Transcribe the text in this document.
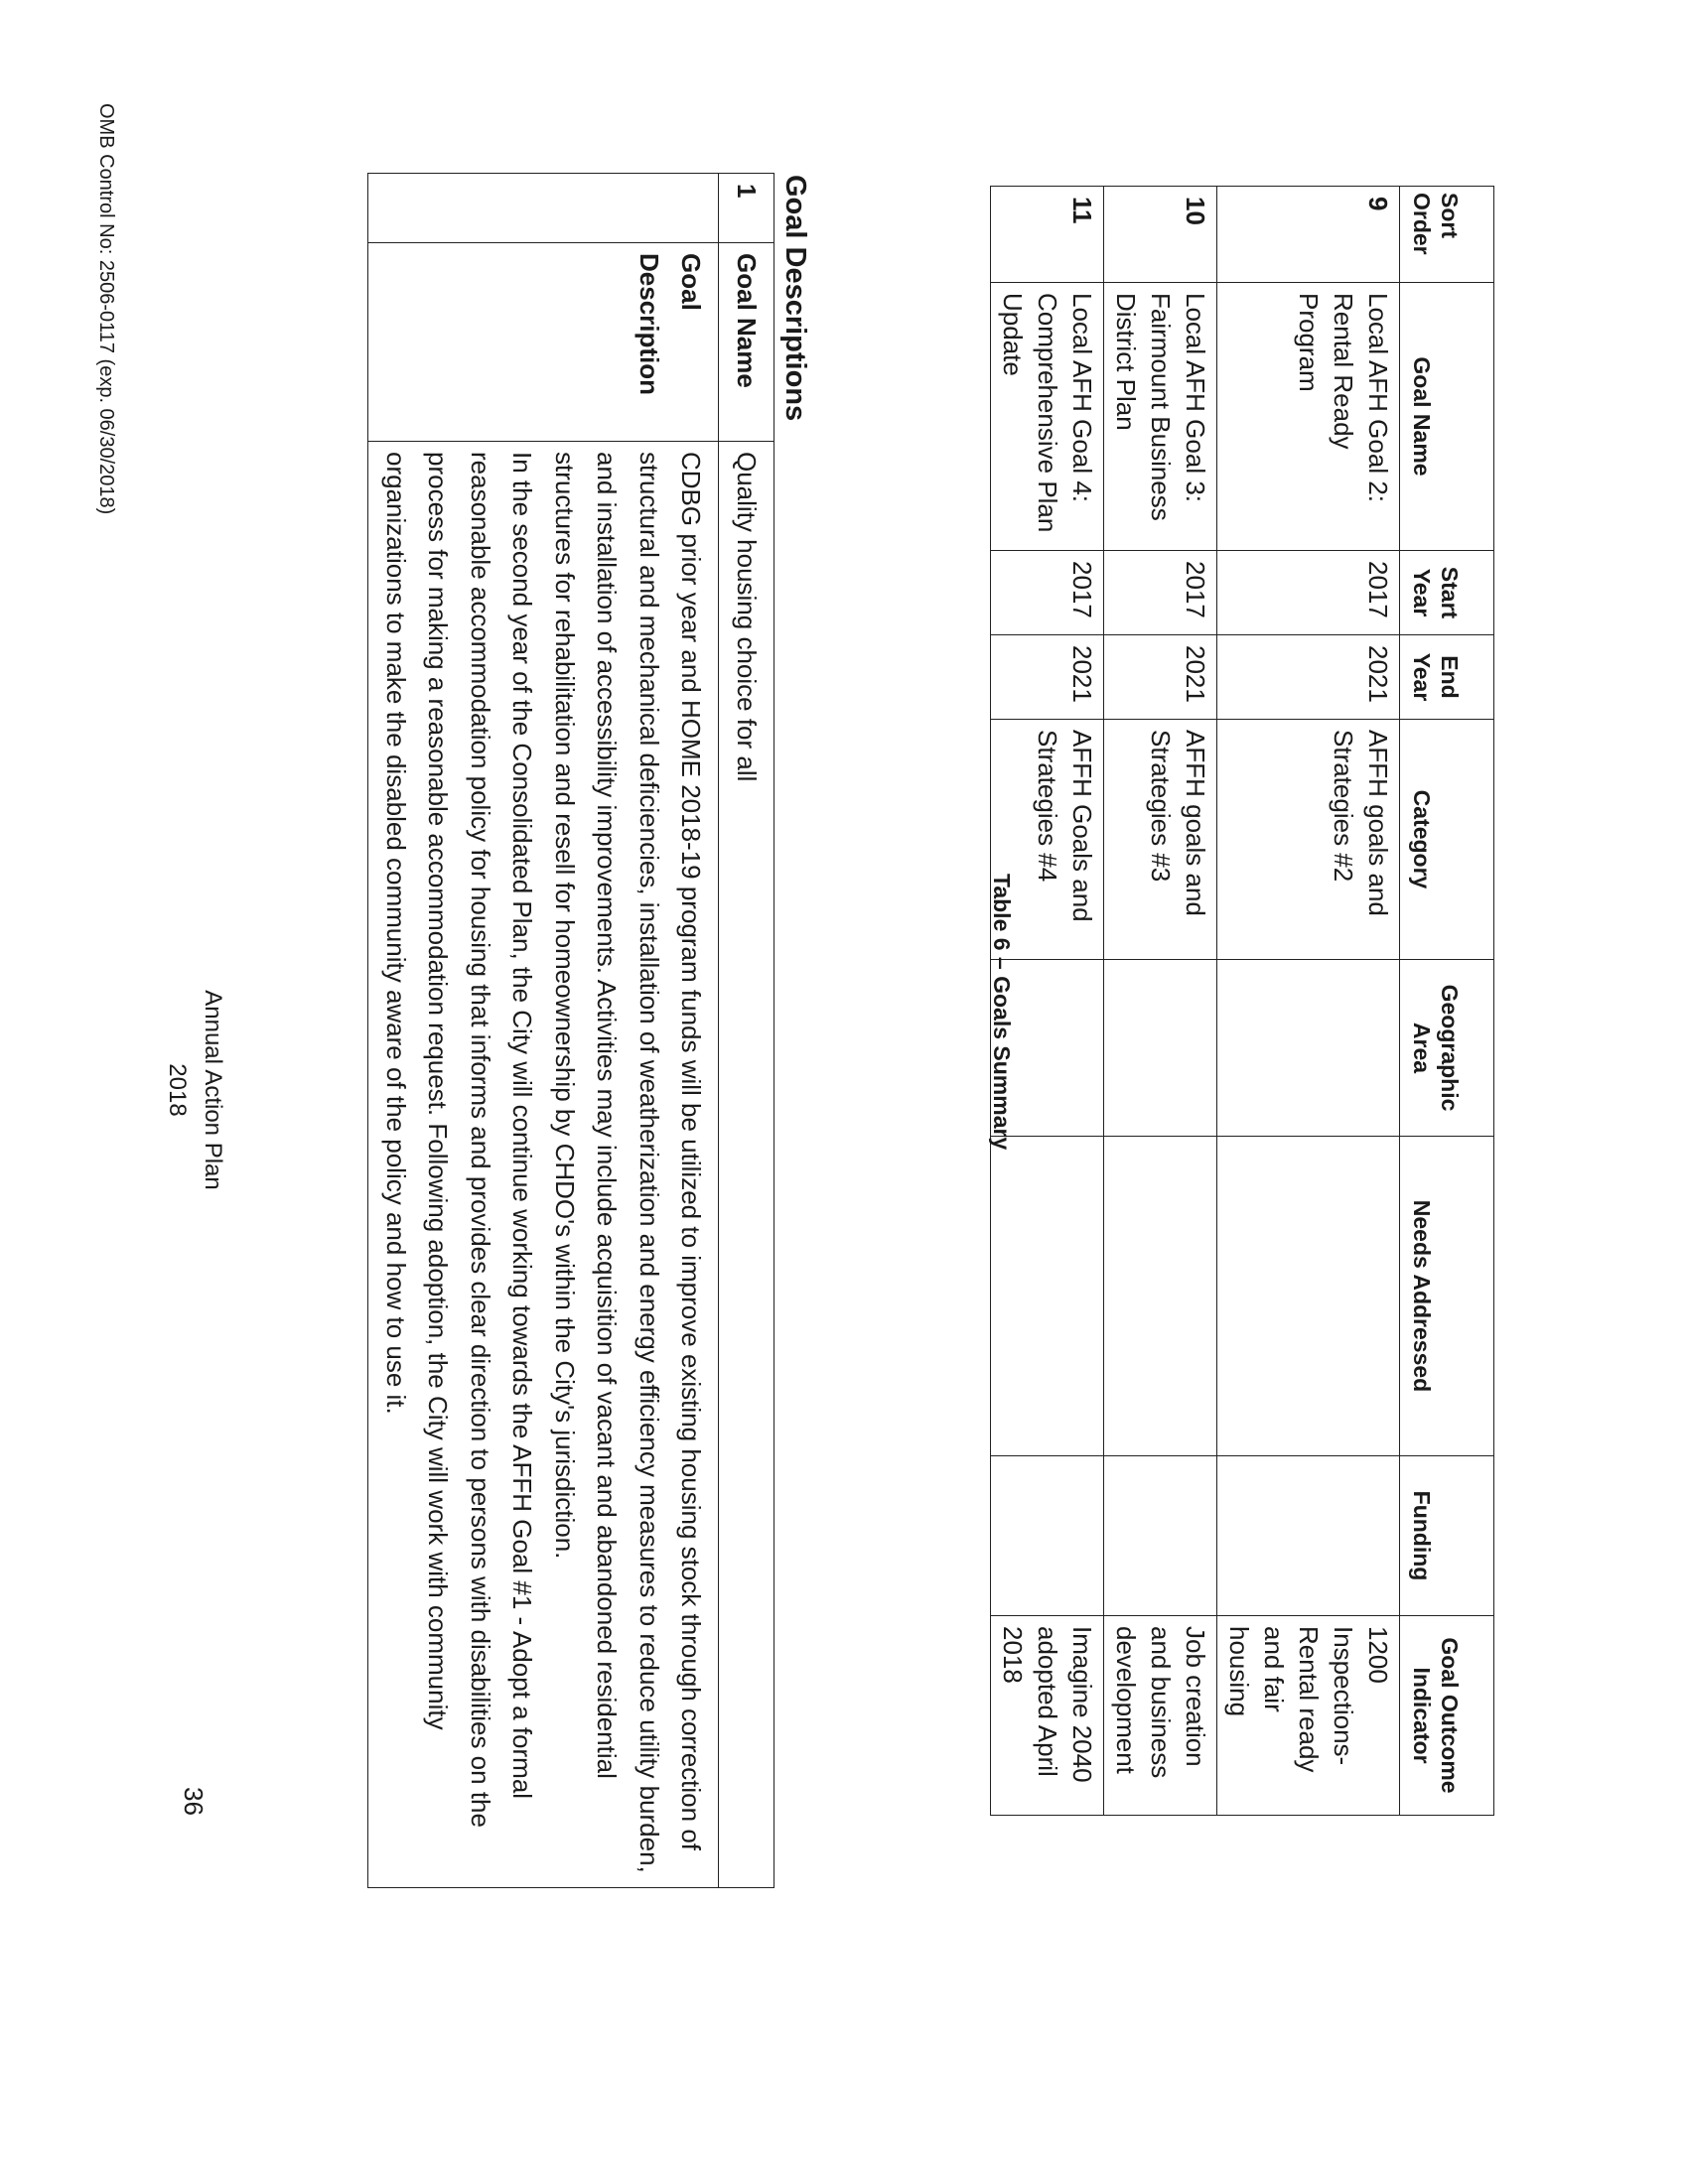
Sort Order	Goal Name	Start Year	End Year	Category	Geographic Area	Needs Addressed	Funding	Goal Outcome Indicator
9	Local AFH Goal 2: Rental Ready Program	2017	2021	AFFH goals and Strategies #2				1200 Inspections-Rental ready and fair housing
10	Local AFH Goal 3: Fairmount Business District Plan	2017	2021	AFFH goals and Strategies #3				Job creation and business development
11	Local AFH Goal 4: Comprehensive Plan Update	2017	2021	AFFH Goals and Strategies #4				Imagine 2040 adopted April 2018
Table 6 – Goals Summary
Goal Descriptions
1	Goal Name	Quality housing choice for all
	Goal Description	CDBG prior year and HOME 2018-19 program funds will be utilized to improve existing housing stock through correction of structural and mechanical deficiencies, installation of weatherization and energy efficiency measures to reduce utility burden, and installation of accessibility improvements. Activities may include acquisition of vacant and abandoned residential structures for rehabilitation and resell for homeownership by CHDO's within the City's jurisdiction.

In the second year of the Consolidated Plan, the City will continue working towards the AFFH Goal #1 - Adopt a formal reasonable accommodation policy for housing that informs and provides clear direction to persons with disabilities on the process for making a reasonable accommodation request. Following adoption, the City will work with community organizations to make the disabled community aware of the policy and how to use it.

OMB Control No: 2506-0117 (exp. 06/30/2018)
Annual Action Plan
2018
36
